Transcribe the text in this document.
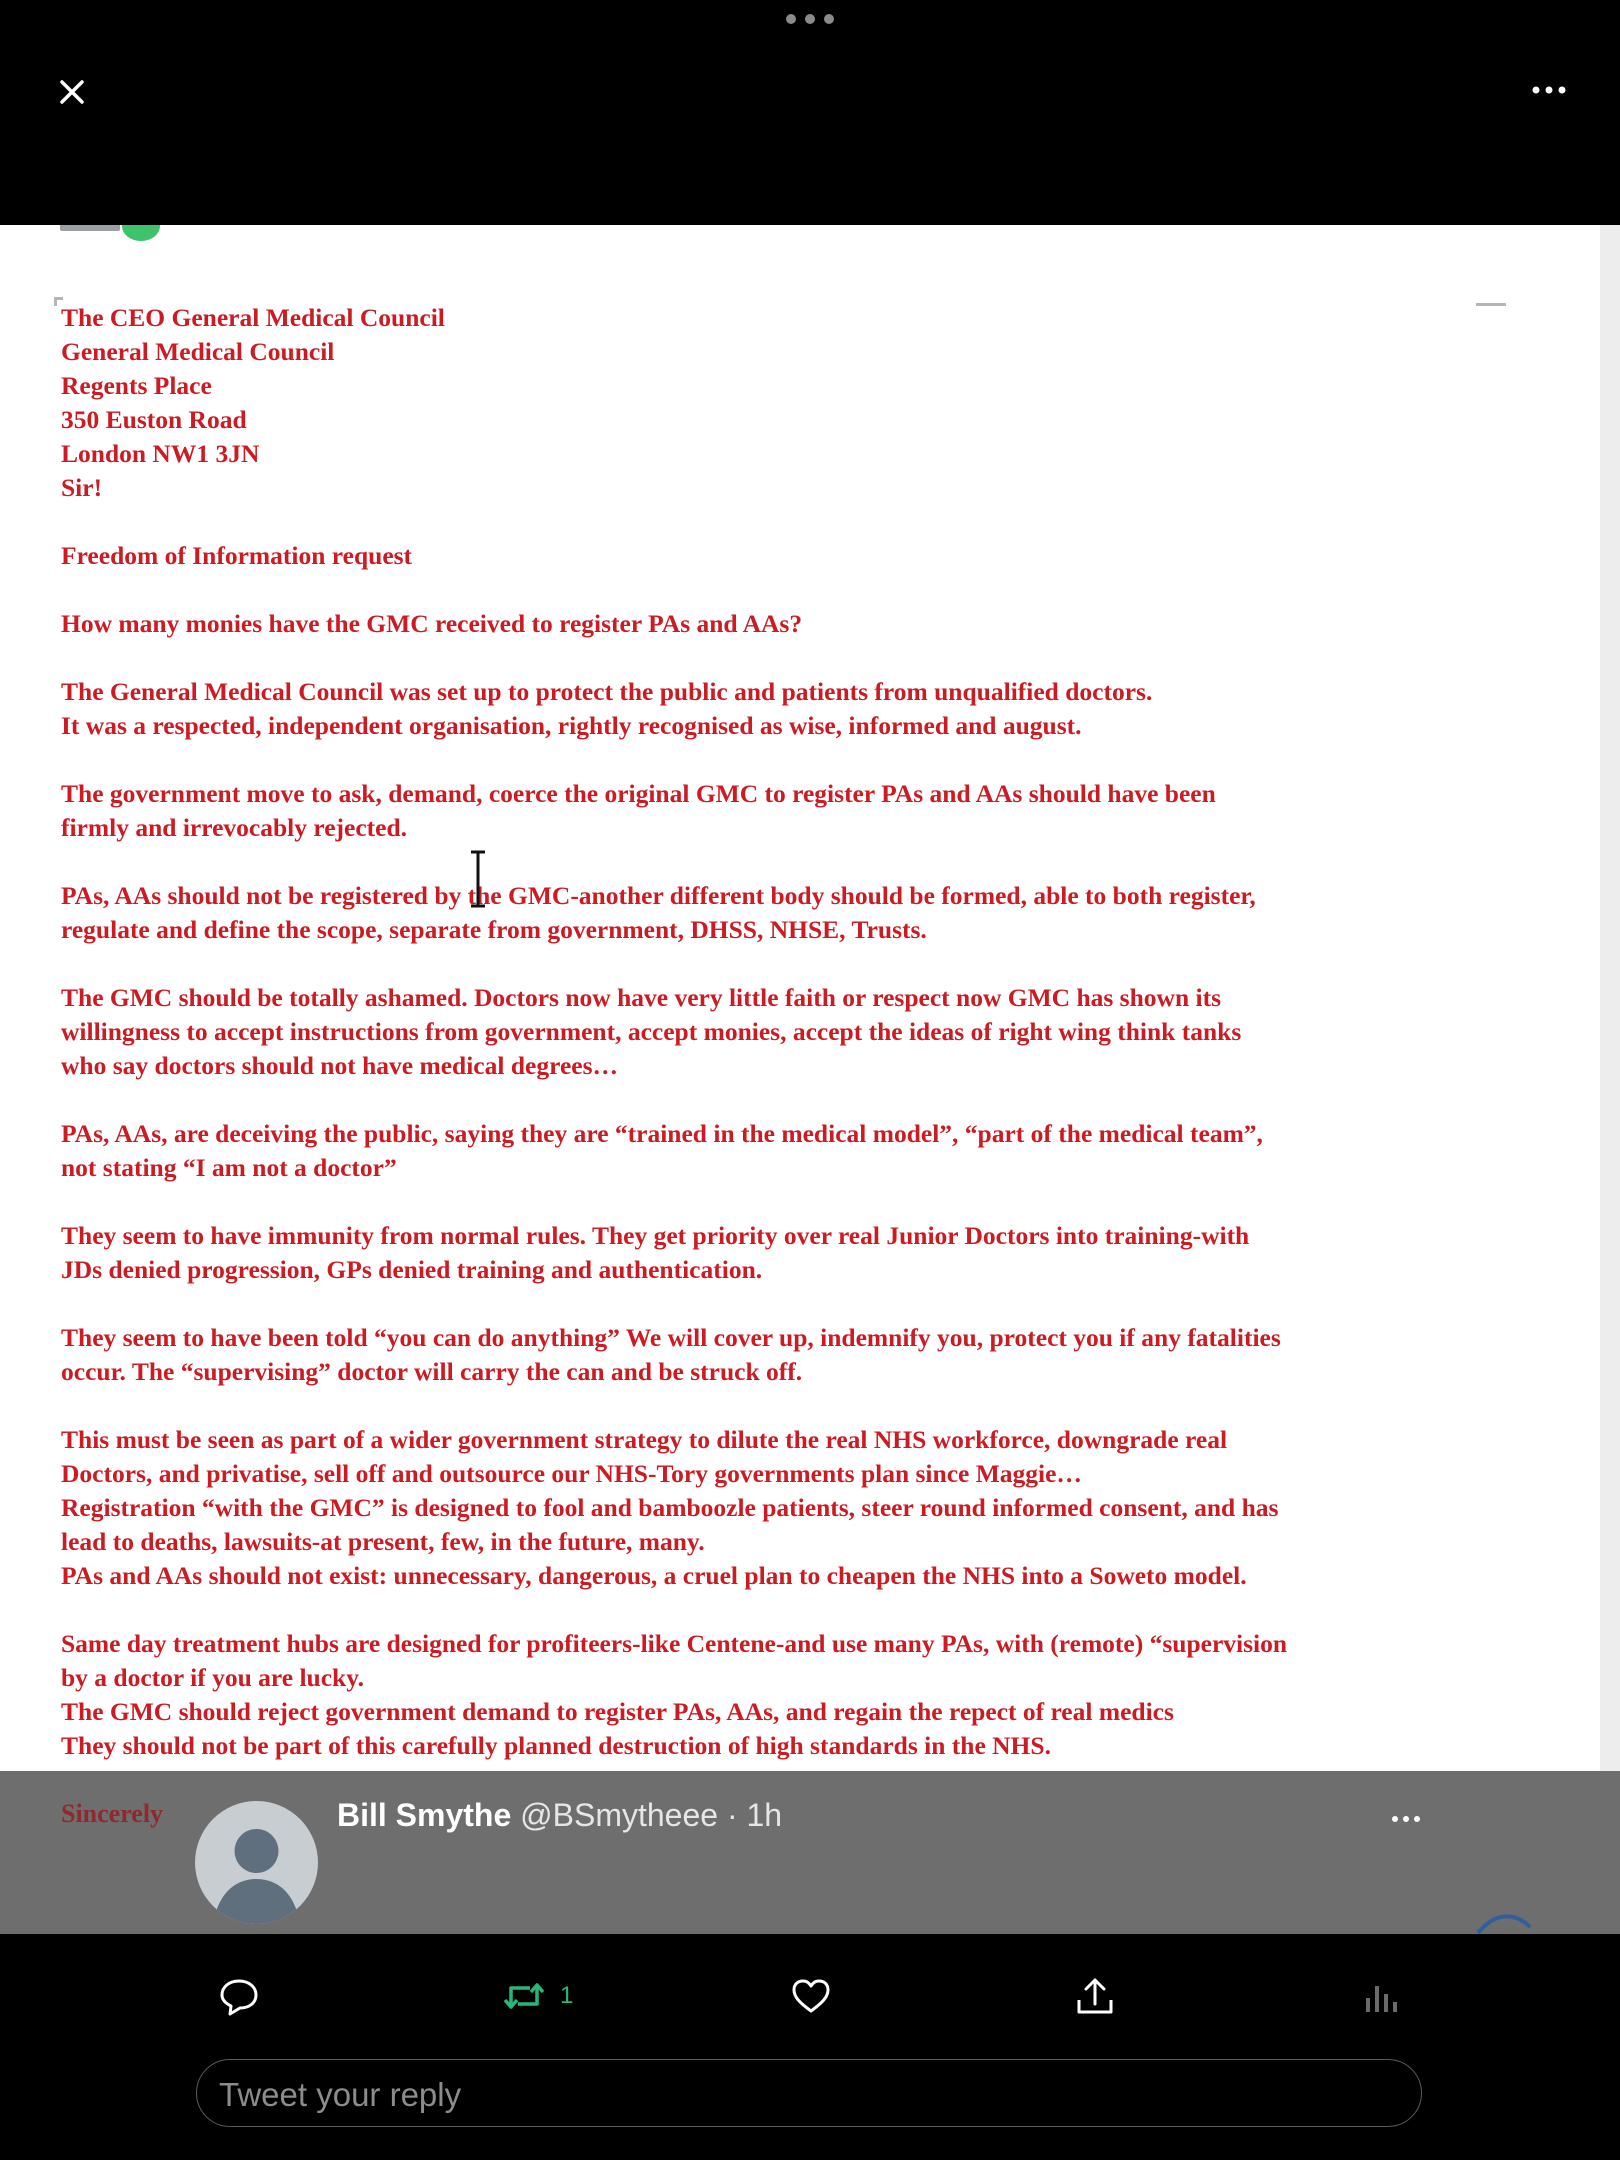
The CEO General Medical Council
General Medical Council
Regents Place
350 Euston Road
London NW1 3JN
Sir!
Freedom of Information request
How many monies have the GMC received to register PAs and AAs?
The General Medical Council was set up to protect the public and patients from unqualified doctors.
It was a respected, independent organisation, rightly recognised as wise, informed and august.
The government move to ask, demand, coerce the original GMC to register PAs and AAs should have been
firmly and irrevocably rejected.
PAs, AAs should not be registered by the GMC-another different body should be formed, able to both register,
regulate and define the scope, separate from government, DHSS, NHSE, Trusts.
The GMC should be totally ashamed. Doctors now have very little faith or respect now GMC has shown its
willingness to accept instructions from government, accept monies, accept the ideas of right wing think tanks
who say doctors should not have medical degrees…
PAs, AAs, are deceiving the public, saying they are “trained in the medical model”, “part of the medical team”,
not stating “I am not a doctor”
They seem to have immunity from normal rules. They get priority over real Junior Doctors into training-with
JDs denied progression, GPs denied training and authentication.
They seem to have been told “you can do anything” We will cover up, indemnify you, protect you if any fatalities
occur. The “supervising” doctor will carry the can and be struck off.
This must be seen as part of a wider government strategy to dilute the real NHS workforce, downgrade real
Doctors, and privatise, sell off and outsource our NHS-Tory governments plan since Maggie…
Registration “with the GMC” is designed to fool and bamboozle patients, steer round informed consent, and has
lead to deaths, lawsuits-at present, few, in the future, many.
PAs and AAs should not exist: unnecessary, dangerous, a cruel plan to cheapen the NHS into a Soweto model.
Same day treatment hubs are designed for profiteers-like Centene-and use many PAs, with (remote) “supervision
by a doctor if you are lucky.
The GMC should reject government demand to register PAs, AAs, and regain the repect of real medics
They should not be part of this carefully planned destruction of high standards in the NHS.
Sincerely	Bill Smythe @BSmytheee · 1h
1
Tweet your reply
